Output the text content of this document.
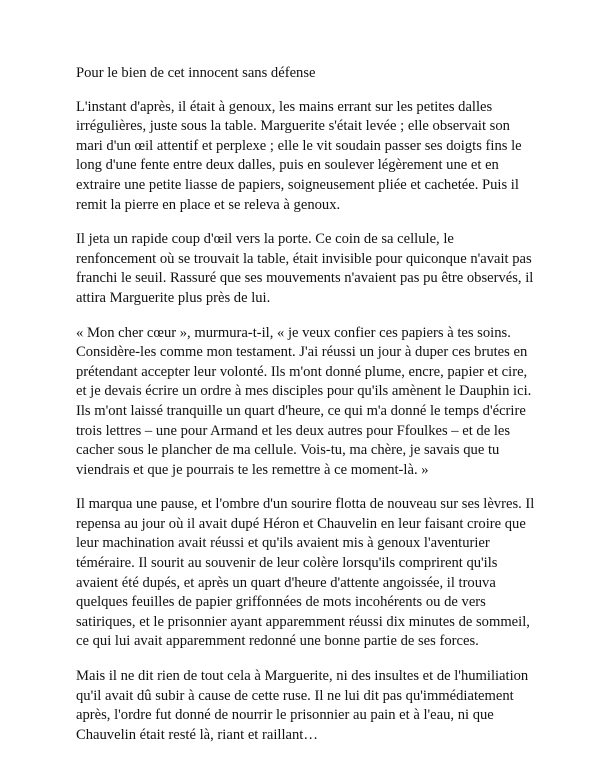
Pour le bien de cet innocent sans défense

L'instant d'après, il était à genoux, les mains errant sur les petites dalles irrégulières, juste sous la table. Marguerite s'était levée ; elle observait son mari d'un œil attentif et perplexe ; elle le vit soudain passer ses doigts fins le long d'une fente entre deux dalles, puis en soulever légèrement une et en extraire une petite liasse de papiers, soigneusement pliée et cachetée. Puis il remit la pierre en place et se releva à genoux.

Il jeta un rapide coup d'œil vers la porte. Ce coin de sa cellule, le renfoncement où se trouvait la table, était invisible pour quiconque n'avait pas franchi le seuil. Rassuré que ses mouvements n'avaient pas pu être observés, il attira Marguerite plus près de lui.

« Mon cher cœur », murmura-t-il, « je veux confier ces papiers à tes soins. Considère-les comme mon testament. J'ai réussi un jour à duper ces brutes en prétendant accepter leur volonté. Ils m'ont donné plume, encre, papier et cire, et je devais écrire un ordre à mes disciples pour qu'ils amènent le Dauphin ici. Ils m'ont laissé tranquille un quart d'heure, ce qui m'a donné le temps d'écrire trois lettres – une pour Armand et les deux autres pour Ffoulkes – et de les cacher sous le plancher de ma cellule. Vois-tu, ma chère, je savais que tu viendrais et que je pourrais te les remettre à ce moment-là. »

Il marqua une pause, et l'ombre d'un sourire flotta de nouveau sur ses lèvres. Il repensa au jour où il avait dupé Héron et Chauvelin en leur faisant croire que leur machination avait réussi et qu'ils avaient mis à genoux l'aventurier téméraire. Il sourit au souvenir de leur colère lorsqu'ils comprirent qu'ils avaient été dupés, et après un quart d'heure d'attente angoissée, il trouva quelques feuilles de papier griffonnées de mots incohérents ou de vers satiriques, et le prisonnier ayant apparemment réussi dix minutes de sommeil, ce qui lui avait apparemment redonné une bonne partie de ses forces.

Mais il ne dit rien de tout cela à Marguerite, ni des insultes et de l'humiliation qu'il avait dû subir à cause de cette ruse. Il ne lui dit pas qu'immédiatement après, l'ordre fut donné de nourrir le prisonnier au pain et à l'eau, ni que Chauvelin était resté là, riant et raillant…
